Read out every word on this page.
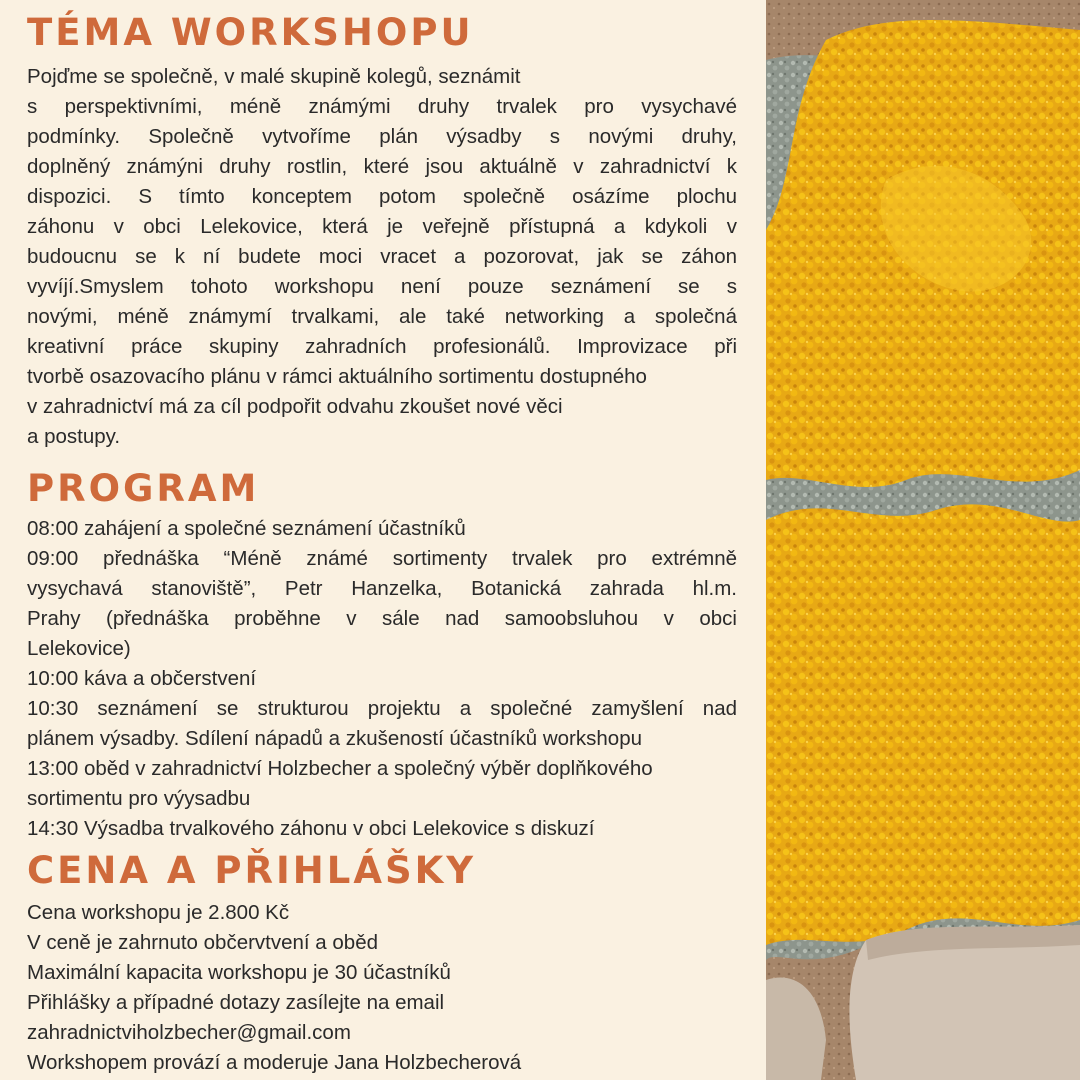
TÉMA WORKSHOPU
Pojďme se společně, v malé skupině kolegů, seznámit
s perspektivními, méně známými druhy trvalek pro vysychavé
podmínky. Společně vytvoříme plán výsadby s novými druhy,
doplněný známýni druhy rostlin, které jsou aktuálně v zahradnictví k
dispozici. S tímto konceptem potom společně osázíme plochu
záhonu v obci Lelekovice, která je veřejně přístupná a kdykoli v
budoucnu se k ní budete moci vracet a pozorovat, jak se záhon
vyvíjí.Smyslem tohoto workshopu není pouze seznámení se s
novými, méně známymí trvalkami, ale také networking a společná
kreativní práce skupiny zahradních profesionálů. Improvizace při
tvorbě osazovacího plánu v rámci aktuálního sortimentu dostupného
v zahradnictví má za cíl podpořit odvahu zkoušet nové věci
a postupy.
PROGRAM
08:00 zahájení a společné seznámení účastníků
09:00 přednáška “Méně známé sortimenty trvalek pro extrémně
vysychavá stanoviště”, Petr Hanzelka, Botanická zahrada hl.m.
Prahy (přednáška proběhne v sále nad samoobsluhou v obci
Lelekovice)
10:00 káva a občerstvení
10:30 seznámení se strukturou projektu a společné zamyšlení nad
plánem výsadby. Sdílení nápadů a zkušeností účastníků workshopu
13:00 oběd v zahradnictví Holzbecher a společný výběr doplňkového
sortimentu pro výysadbu
14:30 Výsadba trvalkového záhonu v obci Lelekovice s diskuzí
CENA A PŘIHLÁŠKY
Cena workshopu je 2.800 Kč
V ceně je zahrnuto občervtvení a oběd
Maximální kapacita workshopu je 30 účastníků
Přihlášky a případné dotazy zasílejte na email
zahradnictviholzbecher@gmail.com
Workshopem provází a moderuje Jana Holzbecherová
